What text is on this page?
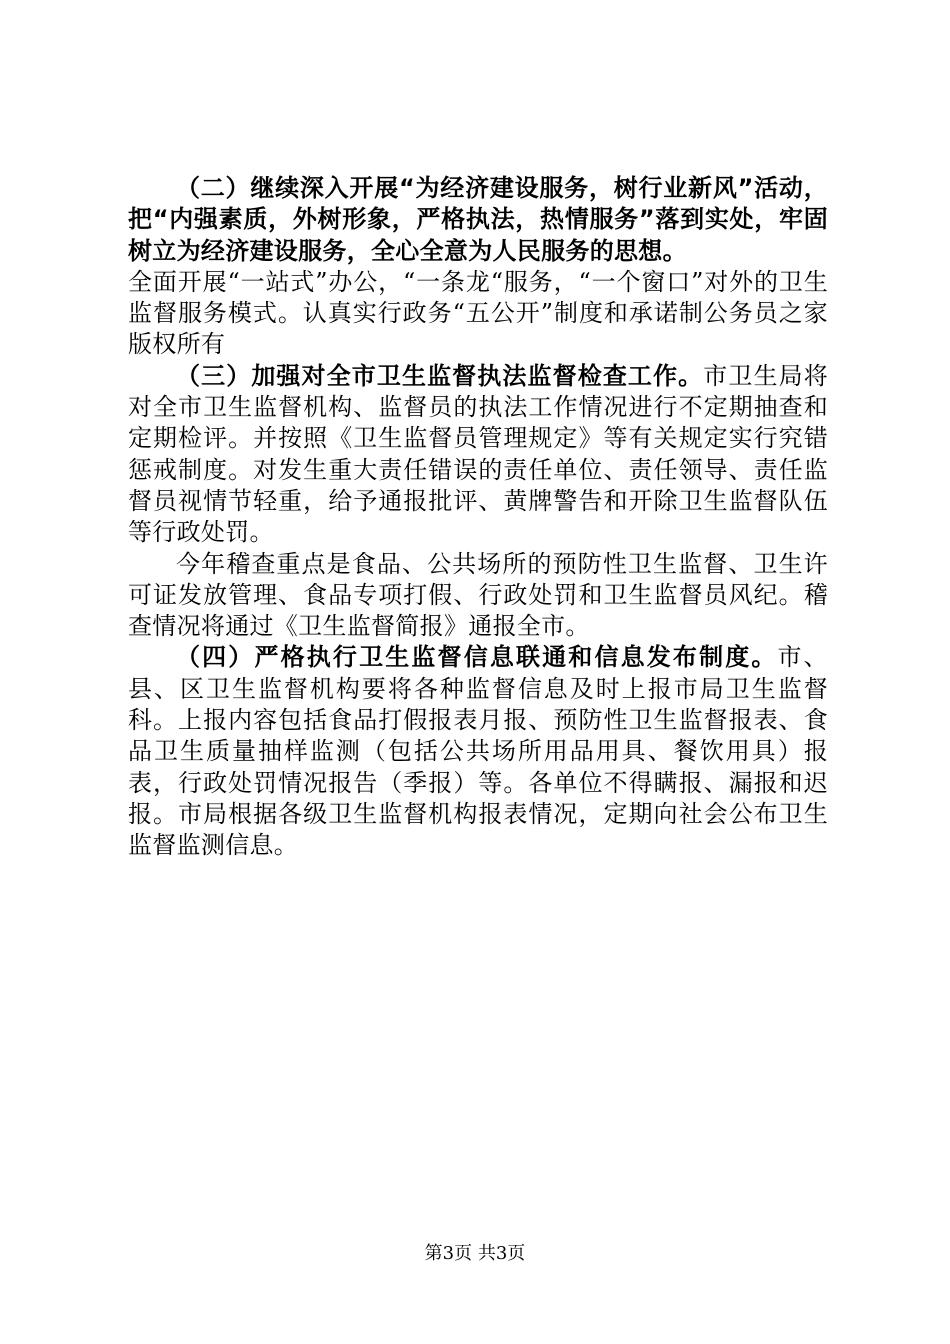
（二）继续深入开展“为经济建设服务，树行业新风”活动，把“内强素质，外树形象，严格执法，热情服务”落到实处，牢固树立为经济建设服务，全心全意为人民服务的思想。

全面开展“一站式”办公，“一条龙“服务，“一个窗口”对外的卫生监督服务模式。认真实行政务“五公开”制度和承诺制公务员之家版权所有

（三）加强对全市卫生监督执法监督检查工作。市卫生局将对全市卫生监督机构、监督员的执法工作情况进行不定期抽查和定期检评。并按照《卫生监督员管理规定》等有关规定实行究错惩戒制度。对发生重大责任错误的责任单位、责任领导、责任监督员视情节轻重，给予通报批评、黄牌警告和开除卫生监督队伍等行政处罚。

今年稽查重点是食品、公共场所的预防性卫生监督、卫生许可证发放管理、食品专项打假、行政处罚和卫生监督员风纪。稽查情况将通过《卫生监督简报》通报全市。

（四）严格执行卫生监督信息联通和信息发布制度。市、县、区卫生监督机构要将各种监督信息及时上报市局卫生监督科。上报内容包括食品打假报表月报、预防性卫生监督报表、食品卫生质量抽样监测（包括公共场所用品用具、餐饮用具）报表，行政处罚情况报告（季报）等。各单位不得瞒报、漏报和迟报。市局根据各级卫生监督机构报表情况，定期向社会公布卫生监督监测信息。

第3页 共3页
